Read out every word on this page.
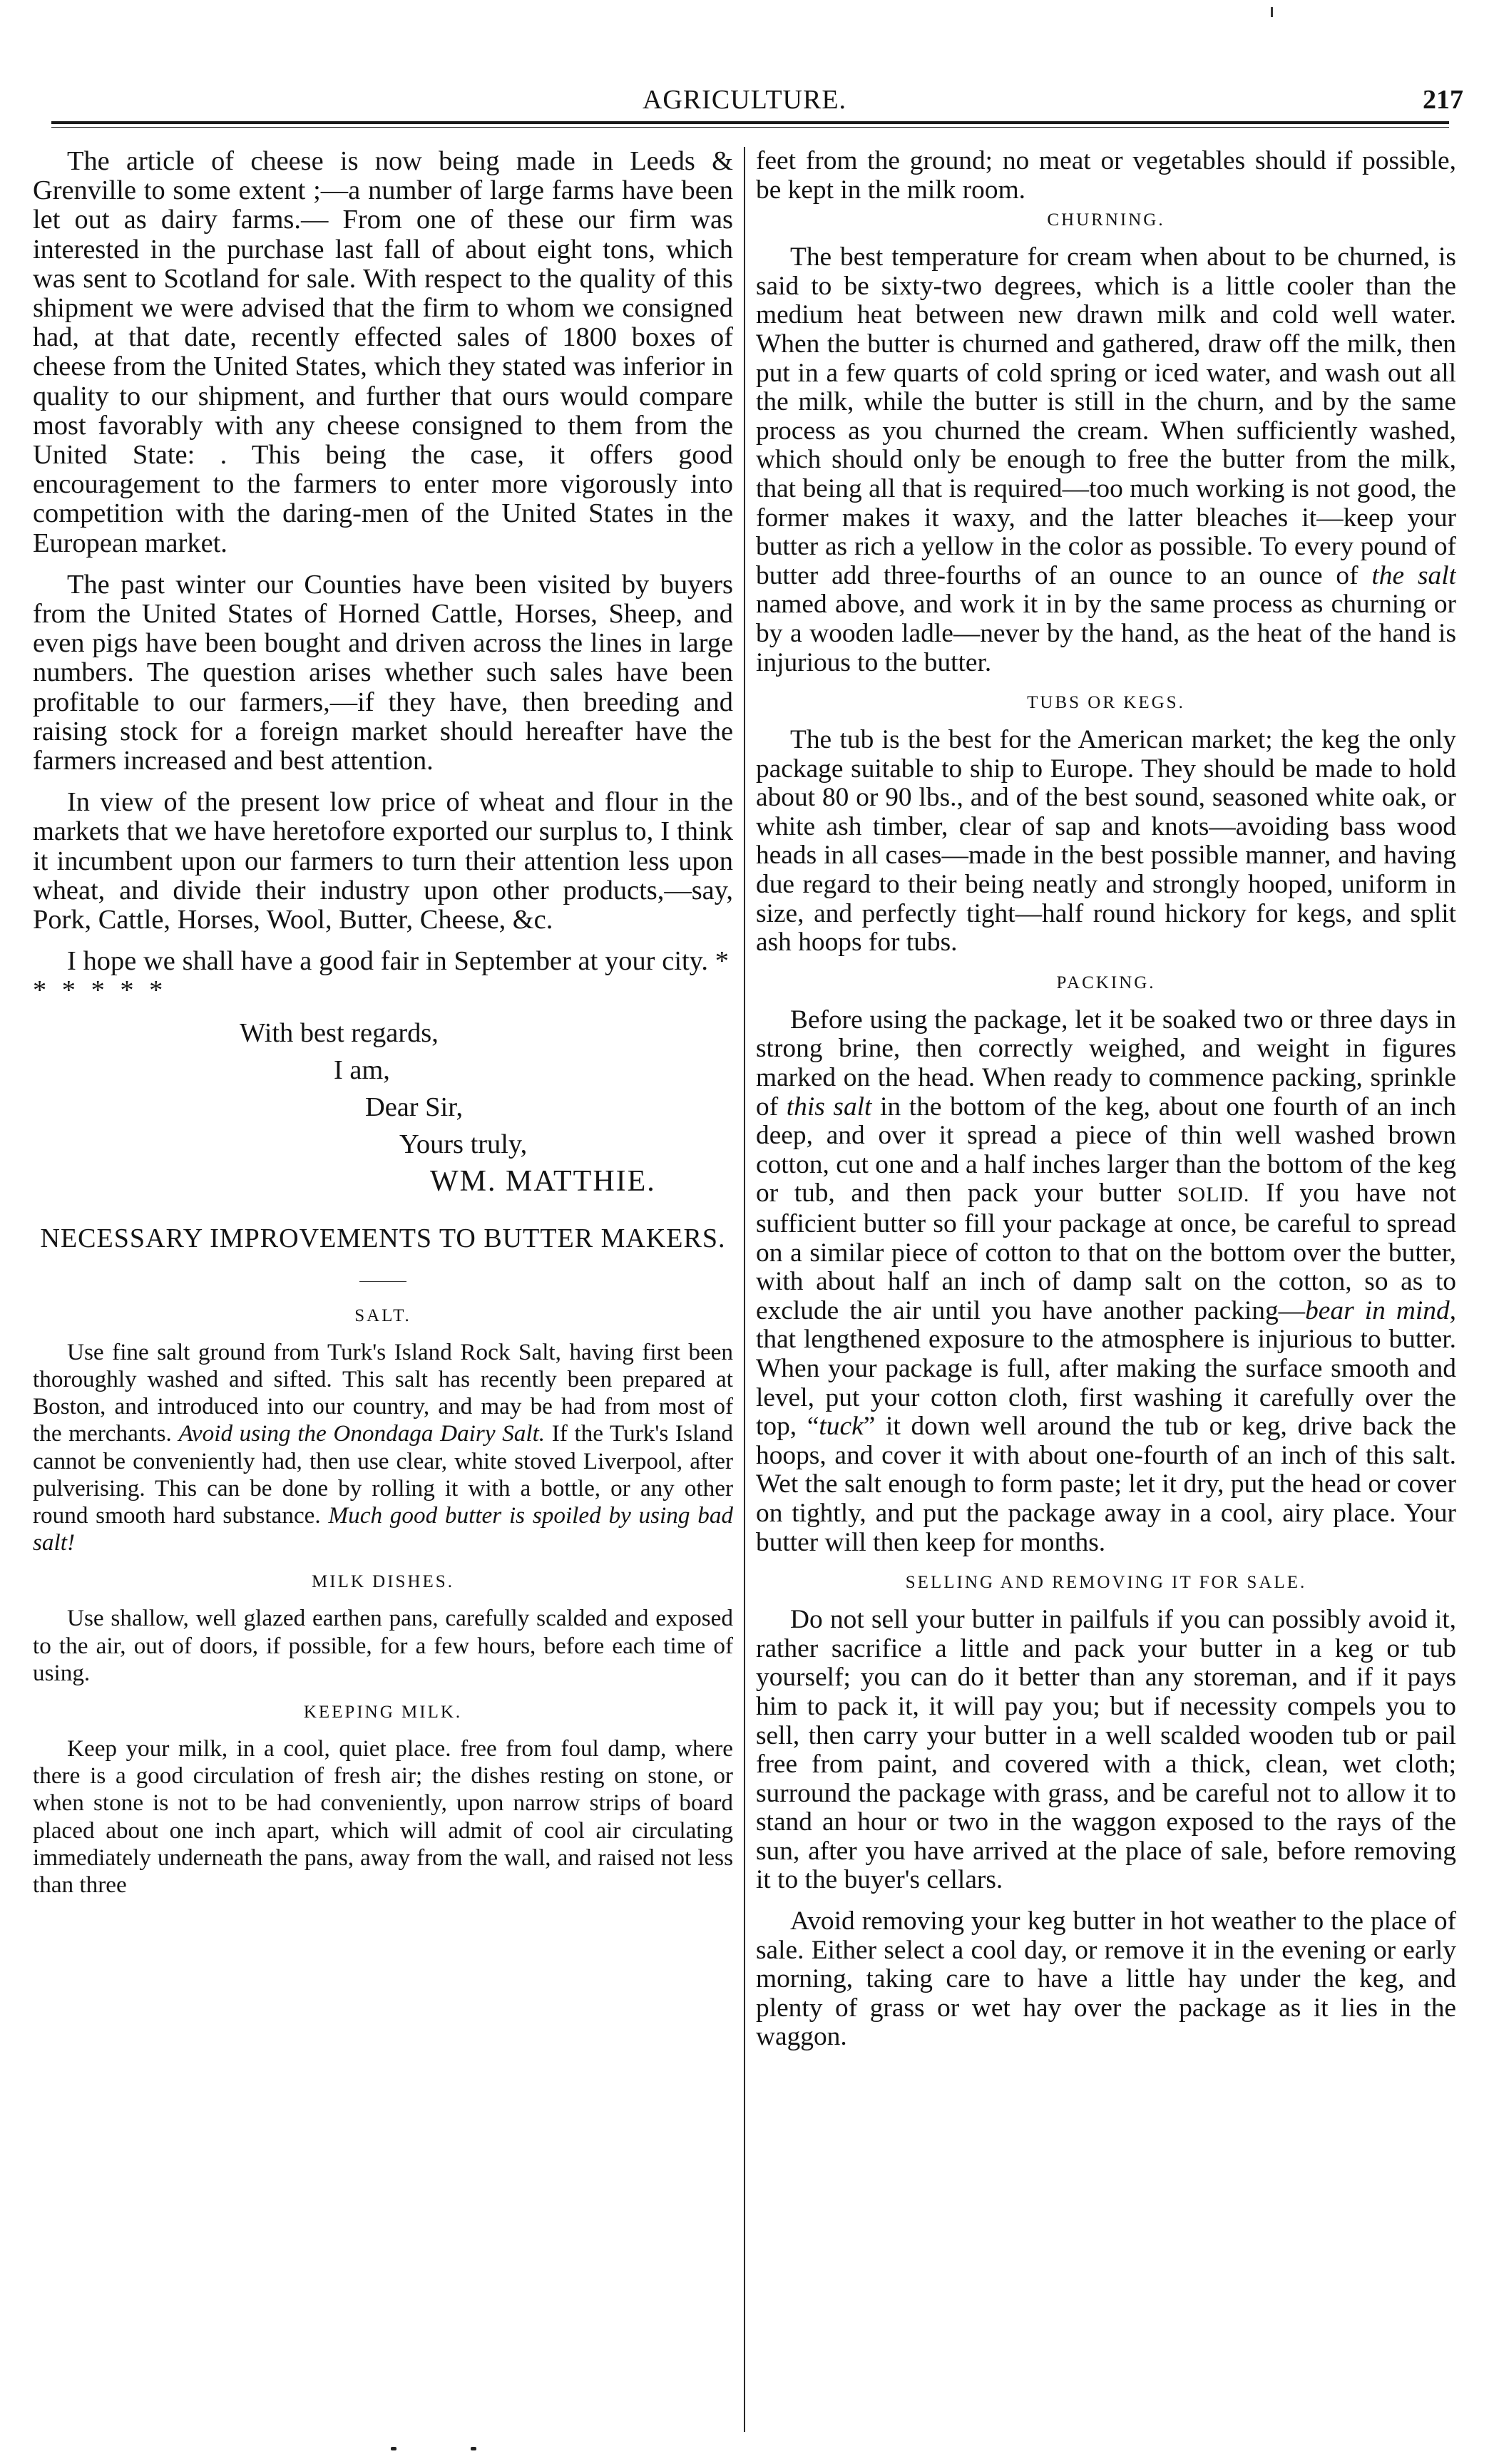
AGRICULTURE.	217

The article of cheese is now being made in Leeds & Grenville to some extent ;—a number of large farms have been let out as dairy farms.— From one of these our firm was interested in the purchase last fall of about eight tons, which was sent to Scotland for sale. With respect to the quality of this shipment we were advised that the firm to whom we consigned had, at that date, recently effected sales of 1800 boxes of cheese from the United States, which they stated was inferior in quality to our shipment, and further that ours would compare most favorably with any cheese consigned to them from the United State: . This being the case, it offers good encouragement to the farmers to enter more vigorously into competition with the daring-men of the United States in the European market.

The past winter our Counties have been visited by buyers from the United States of Horned Cattle, Horses, Sheep, and even pigs have been bought and driven across the lines in large numbers. The question arises whether such sales have been profitable to our farmers,—if they have, then breeding and raising stock for a foreign market should hereafter have the farmers increased and best attention.

In view of the present low price of wheat and flour in the markets that we have heretofore exported our surplus to, I think it incumbent upon our farmers to turn their attention less upon wheat, and divide their industry upon other products,—say, Pork, Cattle, Horses, Wool, Butter, Cheese, &c.

I hope we shall have a good fair in September at your city. * * * * * *

With best regards,
I am,
Dear Sir,
Yours truly,
WM. MATTHIE.
NECESSARY IMPROVEMENTS TO BUTTER MAKERS.
SALT.

Use fine salt ground from Turk's Island Rock Salt, having first been thoroughly washed and sifted. This salt has recently been prepared at Boston, and introduced into our country, and may be had from most of the merchants. Avoid using the Onondaga Dairy Salt. If the Turk's Island cannot be conveniently had, then use clear, white stoved Liverpool, after pulverising. This can be done by rolling it with a bottle, or any other round smooth hard substance. Much good butter is spoiled by using bad salt!

MILK DISHES.

Use shallow, well glazed earthen pans, carefully scalded and exposed to the air, out of doors, if possible, for a few hours, before each time of using.

KEEPING MILK.

Keep your milk, in a cool, quiet place. free from foul damp, where there is a good circulation of fresh air; the dishes resting on stone, or when stone is not to be had conveniently, upon narrow strips of board placed about one inch apart, which will admit of cool air circulating immediately underneath the pans, away from the wall, and raised not less than three

feet from the ground; no meat or vegetables should if possible, be kept in the milk room.

CHURNING.

The best temperature for cream when about to be churned, is said to be sixty-two degrees, which is a little cooler than the medium heat between new drawn milk and cold well water. When the butter is churned and gathered, draw off the milk, then put in a few quarts of cold spring or iced water, and wash out all the milk, while the butter is still in the churn, and by the same process as you churned the cream. When sufficiently washed, which should only be enough to free the butter from the milk, that being all that is required—too much working is not good, the former makes it waxy, and the latter bleaches it—keep your butter as rich a yellow in the color as possible. To every pound of butter add three-fourths of an ounce to an ounce of the salt named above, and work it in by the same process as churning or by a wooden ladle—never by the hand, as the heat of the hand is injurious to the butter.

TUBS OR KEGS.

The tub is the best for the American market; the keg the only package suitable to ship to Europe. They should be made to hold about 80 or 90 lbs., and of the best sound, seasoned white oak, or white ash timber, clear of sap and knots—avoiding bass wood heads in all cases—made in the best possible manner, and having due regard to their being neatly and strongly hooped, uniform in size, and perfectly tight—half round hickory for kegs, and split ash hoops for tubs.

PACKING.

Before using the package, let it be soaked two or three days in strong brine, then correctly weighed, and weight in figures marked on the head. When ready to commence packing, sprinkle of this salt in the bottom of the keg, about one fourth of an inch deep, and over it spread a piece of thin well washed brown cotton, cut one and a half inches larger than the bottom of the keg or tub, and then pack your butter SOLID. If you have not sufficient butter so fill your package at once, be careful to spread on a similar piece of cotton to that on the bottom over the butter, with about half an inch of damp salt on the cotton, so as to exclude the air until you have another packing—bear in mind, that lengthened exposure to the atmosphere is injurious to butter. When your package is full, after making the surface smooth and level, put your cotton cloth, first washing it carefully over the top, “tuck” it down well around the tub or keg, drive back the hoops, and cover it with about one-fourth of an inch of this salt. Wet the salt enough to form paste; let it dry, put the head or cover on tightly, and put the package away in a cool, airy place. Your butter will then keep for months.

SELLING AND REMOVING IT FOR SALE.

Do not sell your butter in pailfuls if you can possibly avoid it, rather sacrifice a little and pack your butter in a keg or tub yourself; you can do it better than any storeman, and if it pays him to pack it, it will pay you; but if necessity compels you to sell, then carry your butter in a well scalded wooden tub or pail free from paint, and covered with a thick, clean, wet cloth; surround the package with grass, and be careful not to allow it to stand an hour or two in the waggon exposed to the rays of the sun, after you have arrived at the place of sale, before removing it to the buyer's cellars.

Avoid removing your keg butter in hot weather to the place of sale. Either select a cool day, or remove it in the evening or early morning, taking care to have a little hay under the keg, and plenty of grass or wet hay over the package as it lies in the waggon.
